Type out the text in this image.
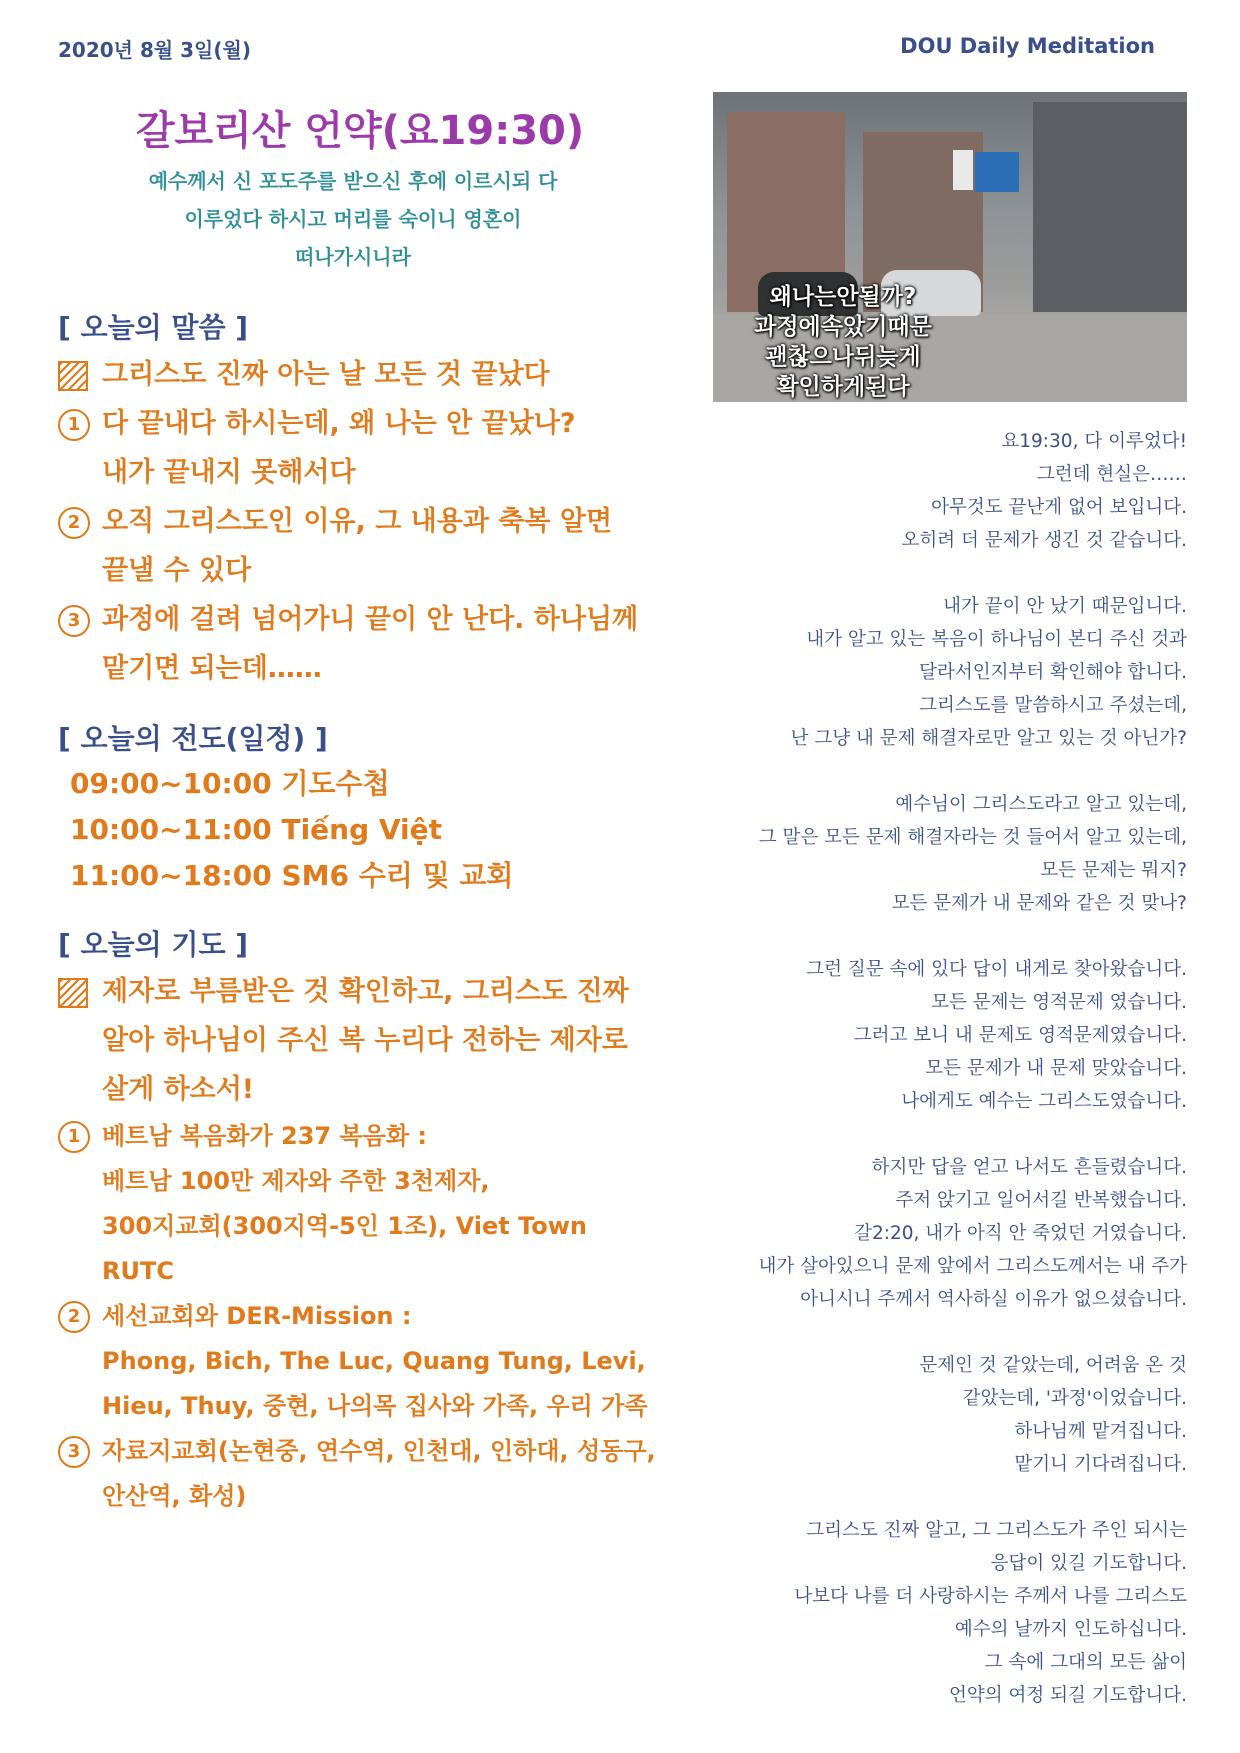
2020년 8월 3일(월)	DOU Daily Meditation
갈보리산 언약(요19:30)
예수께서 신 포도주를 받으신 후에 이르시되 다
이루었다 하시고 머리를 숙이니 영혼이
떠나가시니라
[ 오늘의 말씀 ]
그리스도 진짜 아는 날 모든 것 끝났다
1 다 끝내다 하시는데, 왜 나는 안 끝났나?
내가 끝내지 못해서다
2 오직 그리스도인 이유, 그 내용과 축복 알면
끝낼 수 있다
3 과정에 걸려 넘어가니 끝이 안 난다. 하나님께
맡기면 되는데……
[ 오늘의 전도(일정) ]
09:00~10:00 기도수첩
10:00~11:00 Tiếng Việt
11:00~18:00 SM6 수리 및 교회
[ 오늘의 기도 ]
제자로 부름받은 것 확인하고, 그리스도 진짜
알아 하나님이 주신 복 누리다 전하는 제자로
살게 하소서!
1 베트남 복음화가 237 복음화 :
베트남 100만 제자와 주한 3천제자,
300지교회(300지역-5인 1조), Viet Town RUTC
2 세선교회와 DER-Mission :
Phong, Bich, The Luc, Quang Tung, Levi,
Hieu, Thuy, 중현, 나의목 집사와 가족, 우리 가족
3 자료지교회(논현중, 연수역, 인천대, 인하대, 성동구,
안산역, 화성)
왜나는안될까?
과정에속았기때문
괜찮으나뒤늦게
확인하게된다

요19:30, 다 이루었다!
그런데 현실은……
아무것도 끝난게 없어 보입니다.
오히려 더 문제가 생긴 것 같습니다.

내가 끝이 안 났기 때문입니다.
내가 알고 있는 복음이 하나님이 본디 주신 것과
달라서인지부터 확인해야 합니다.
그리스도를 말씀하시고 주셨는데,
난 그냥 내 문제 해결자로만 알고 있는 것 아닌가?

예수님이 그리스도라고 알고 있는데,
그 말은 모든 문제 해결자라는 것 들어서 알고 있는데,
모든 문제는 뭐지?
모든 문제가 내 문제와 같은 것 맞나?

그런 질문 속에 있다 답이 내게로 찾아왔습니다.
모든 문제는 영적문제 였습니다.
그러고 보니 내 문제도 영적문제였습니다.
모든 문제가 내 문제 맞았습니다.
나에게도 예수는 그리스도였습니다.

하지만 답을 얻고 나서도 흔들렸습니다.
주저 앉기고 일어서길 반복했습니다.
갈2:20, 내가 아직 안 죽었던 거였습니다.
내가 살아있으니 문제 앞에서 그리스도께서는 내 주가
아니시니 주께서 역사하실 이유가 없으셨습니다.

문제인 것 같았는데, 어려움 온 것
같았는데, '과정'이었습니다.
하나님께 맡겨집니다.
맡기니 기다려집니다.

그리스도 진짜 알고, 그 그리스도가 주인 되시는
응답이 있길 기도합니다.
나보다 나를 더 사랑하시는 주께서 나를 그리스도
예수의 날까지 인도하십니다.
그 속에 그대의 모든 삶이
언약의 여정 되길 기도합니다.
